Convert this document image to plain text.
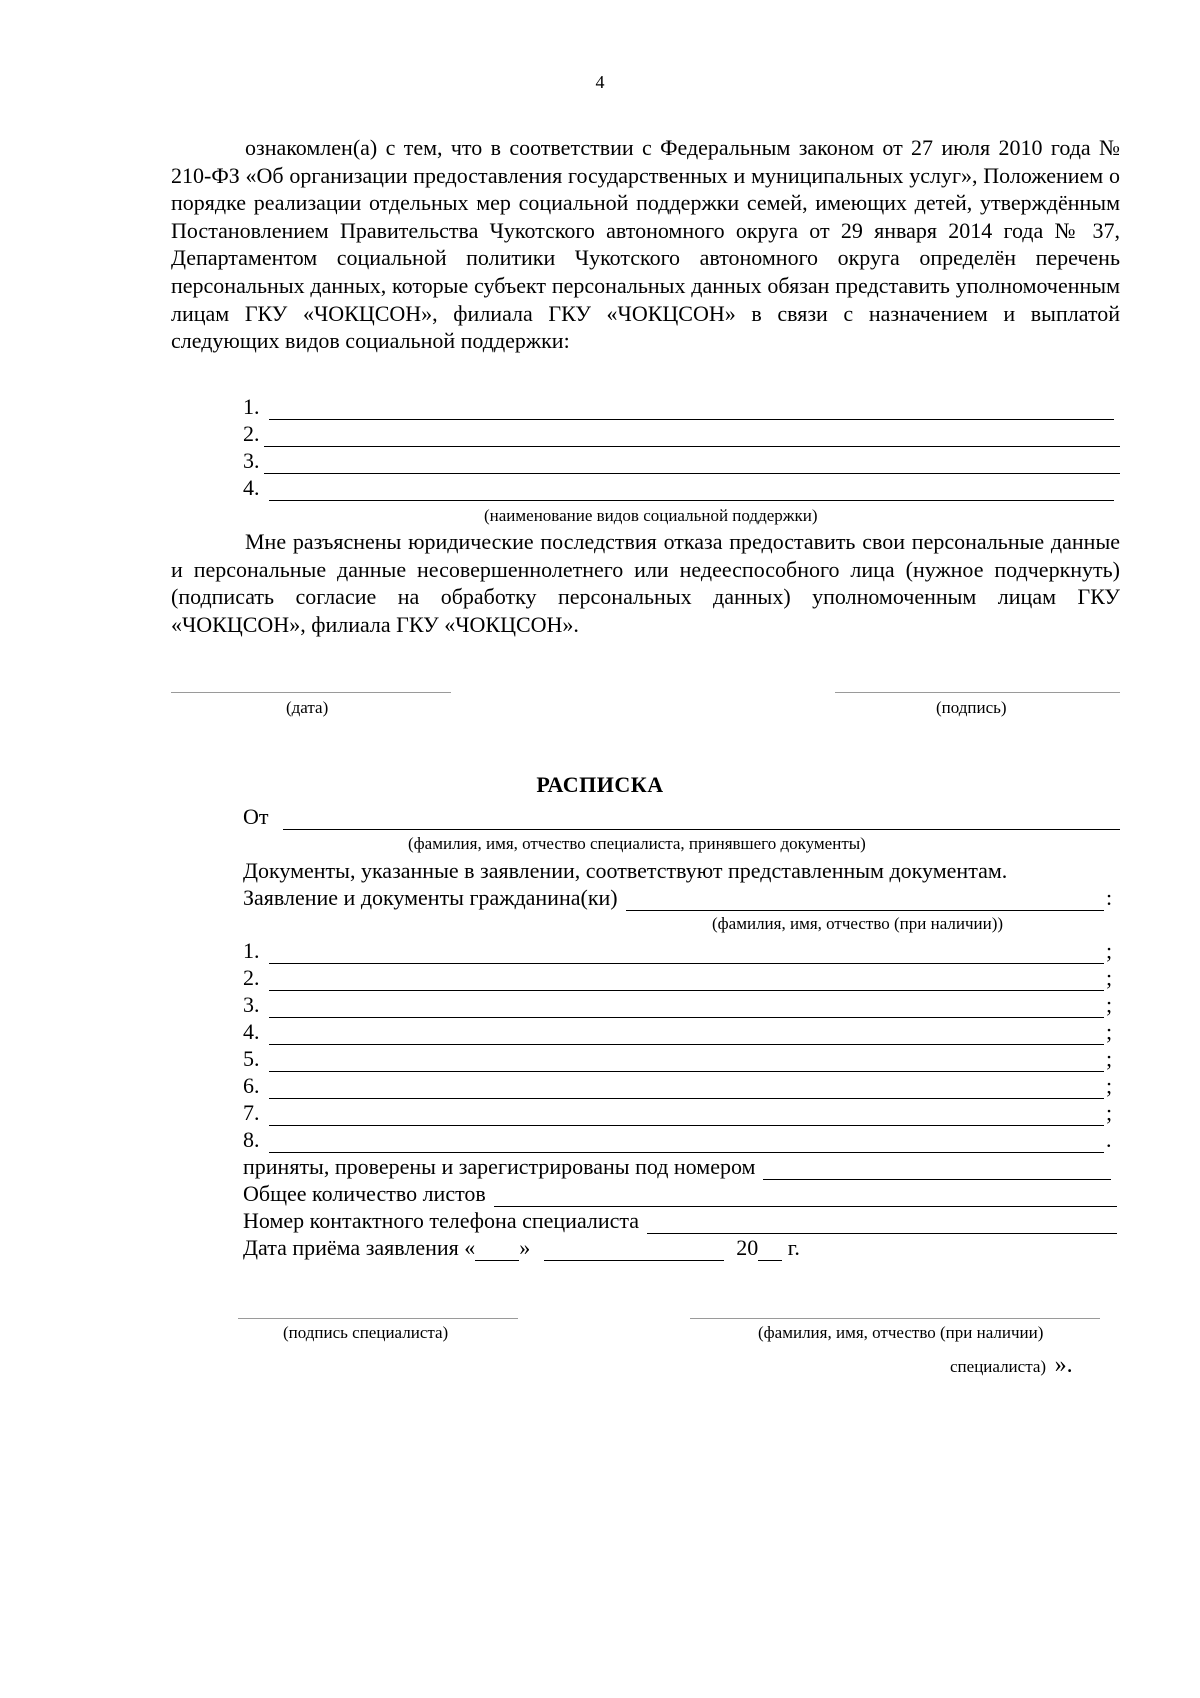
4
ознакомлен(а) с тем, что в соответствии с Федеральным законом от 27 июля 2010 года № 210-ФЗ «Об организации предоставления государственных и муниципальных услуг», Положением о порядке реализации отдельных мер социальной поддержки семей, имеющих детей, утверждённым Постановлением Правительства Чукотского автономного округа от 29 января 2014 года № 37, Департаментом социальной политики Чукотского автономного округа определён перечень персональных данных, которые субъект персональных данных обязан представить уполномоченным лицам ГКУ «ЧОКЦСОН», филиала ГКУ «ЧОКЦСОН» в связи с назначением и выплатой следующих видов социальной поддержки:
1.
2.
3.
4.
(наименование видов социальной поддержки)
Мне разъяснены юридические последствия отказа предоставить свои персональные данные и персональные данные несовершеннолетнего или недееспособного лица (нужное подчеркнуть) (подписать согласие на обработку персональных данных) уполномоченным лицам ГКУ «ЧОКЦСОН», филиала ГКУ «ЧОКЦСОН».
(дата)	(подпись)
РАСПИСКА
От
(фамилия, имя, отчество специалиста, принявшего документы)
Документы, указанные в заявлении, соответствуют представленным документам.
Заявление и документы гражданина(ки)	:
(фамилия, имя, отчество (при наличии))
1.	;
2.	;
3.	;
4.	;
5.	;
6.	;
7.	;
8.	.
приняты, проверены и зарегистрированы под номером
Общее количество листов
Номер контактного телефона специалиста
Дата приёма заявления « »	20 г.
(подпись специалиста)	(фамилия, имя, отчество (при наличии)
специалиста) ».
